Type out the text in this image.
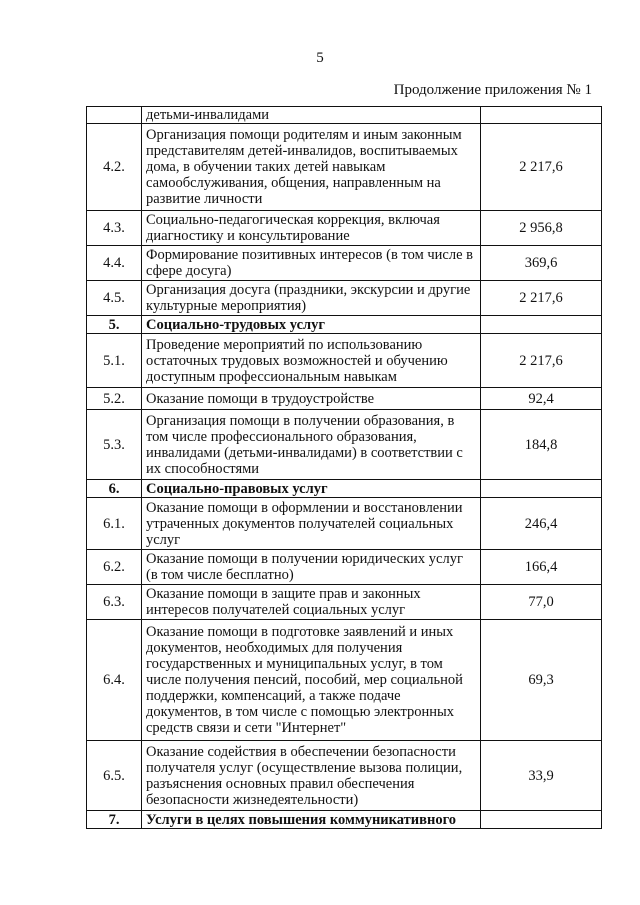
5
Продолжение приложения № 1
	детьми-инвалидами	
4.2.	Организация помощи родителям и иным законным представителям детей-инвалидов, воспитываемых дома, в обучении таких детей навыкам самообслуживания, общения, направленным на развитие личности	2 217,6
4.3.	Социально-педагогическая коррекция, включая диагностику и консультирование	2 956,8
4.4.	Формирование позитивных интересов (в том числе в сфере досуга)	369,6
4.5.	Организация досуга (праздники, экскурсии и другие культурные мероприятия)	2 217,6
5.	Социально-трудовых услуг	
5.1.	Проведение мероприятий по использованию остаточных трудовых возможностей и обучению доступным профессиональным навыкам	2 217,6
5.2.	Оказание помощи в трудоустройстве	92,4
5.3.	Организация помощи в получении образования, в том числе профессионального образования, инвалидами (детьми-инвалидами) в соответствии с их способностями	184,8
6.	Социально-правовых услуг	
6.1.	Оказание помощи в оформлении и восстановлении утраченных документов получателей социальных услуг	246,4
6.2.	Оказание помощи в получении юридических услуг (в том числе бесплатно)	166,4
6.3.	Оказание помощи в защите прав и законных интересов получателей социальных услуг	77,0
6.4.	Оказание помощи в подготовке заявлений и иных документов, необходимых для получения государственных и муниципальных услуг, в том числе получения пенсий, пособий, мер социальной поддержки, компенсаций, а также подаче документов, в том числе с помощью электронных средств связи и сети "Интернет"	69,3
6.5.	Оказание содействия в обеспечении безопасности получателя услуг (осуществление вызова полиции, разъяснения основных правил обеспечения безопасности жизнедеятельности)	33,9
7.	Услуги в целях повышения коммуникативного	
